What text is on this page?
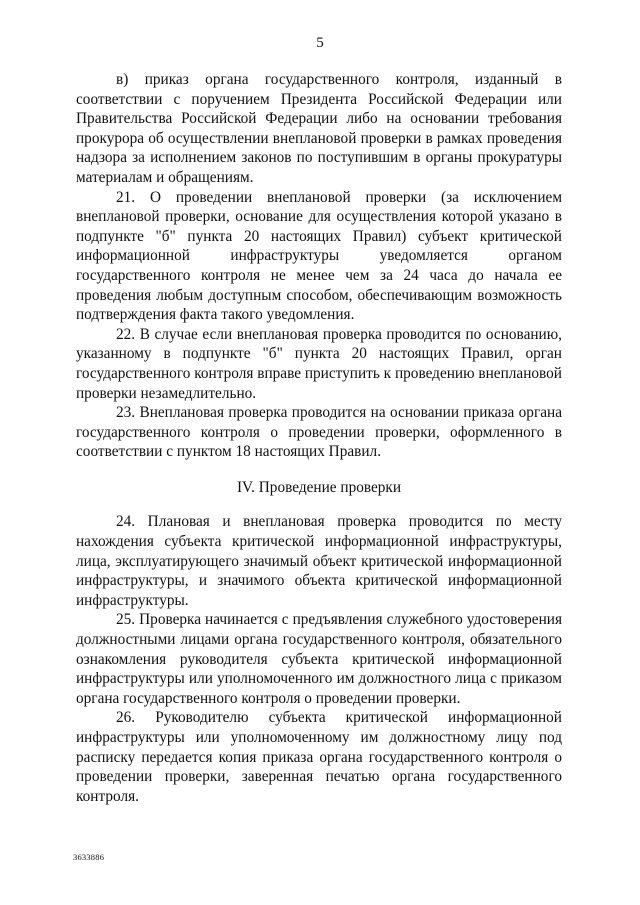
5

в) приказ органа государственного контроля, изданный в соответствии с поручением Президента Российской Федерации или Правительства Российской Федерации либо на основании требования прокурора об осуществлении внеплановой проверки в рамках проведения надзора за исполнением законов по поступившим в органы прокуратуры материалам и обращениям.

21. О проведении внеплановой проверки (за исключением внеплановой проверки, основание для осуществления которой указано в подпункте "б" пункта 20 настоящих Правил) субъект критической информационной инфраструктуры уведомляется органом государственного контроля не менее чем за 24 часа до начала ее проведения любым доступным способом, обеспечивающим возможность подтверждения факта такого уведомления.

22. В случае если внеплановая проверка проводится по основанию, указанному в подпункте "б" пункта 20 настоящих Правил, орган государственного контроля вправе приступить к проведению внеплановой проверки незамедлительно.

23. Внеплановая проверка проводится на основании приказа органа государственного контроля о проведении проверки, оформленного в соответствии с пунктом 18 настоящих Правил.

IV. Проведение проверки

24. Плановая и внеплановая проверка проводится по месту нахождения субъекта критической информационной инфраструктуры, лица, эксплуатирующего значимый объект критической информационной инфраструктуры, и значимого объекта критической информационной инфраструктуры.

25. Проверка начинается с предъявления служебного удостоверения должностными лицами органа государственного контроля, обязательного ознакомления руководителя субъекта критической информационной инфраструктуры или уполномоченного им должностного лица с приказом органа государственного контроля о проведении проверки.

26. Руководителю субъекта критической информационной инфраструктуры или уполномоченному им должностному лицу под расписку передается копия приказа органа государственного контроля о проведении проверки, заверенная печатью органа государственного контроля.

3633886
